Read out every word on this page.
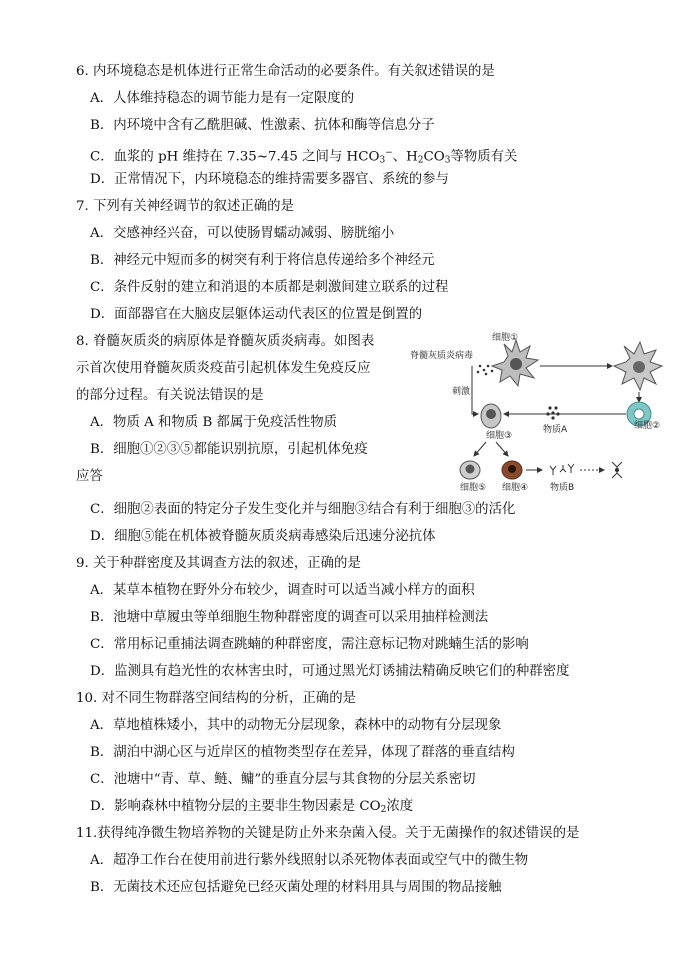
6. 内环境稳态是机体进行正常生命活动的必要条件。有关叙述错误的是
A．人体维持稳态的调节能力是有一定限度的
B．内环境中含有乙酰胆碱、性激素、抗体和酶等信息分子
C．血浆的 pH 维持在 7.35~7.45 之间与 $HCO_3^-$、$H_2CO_3$等物质有关
D．正常情况下，内环境稳态的维持需要多器官、系统的参与
7. 下列有关神经调节的叙述正确的是
A．交感神经兴奋，可以使肠胃蠕动减弱、膀胱缩小
B．神经元中短而多的树突有利于将信息传递给多个神经元
C．条件反射的建立和消退的本质都是刺激间建立联系的过程
D．面部器官在大脑皮层躯体运动代表区的位置是倒置的
8. 脊髓灰质炎的病原体是脊髓灰质炎病毒。如图表
示首次使用脊髓灰质炎疫苗引起机体发生免疫反应
的部分过程。有关说法错误的是
A．物质 A 和物质 B 都属于免疫活性物质
B．细胞①②③⑤都能识别抗原，引起机体免疫
应答
C．细胞②表面的特定分子发生变化并与细胞③结合有利于细胞③的活化
D．细胞⑤能在机体被脊髓灰质炎病毒感染后迅速分泌抗体
脊髓灰质炎病毒
细胞①
细胞②
物质A
刺激
细胞③
细胞⑤ 细胞④ 物质B
9. 关于种群密度及其调查方法的叙述，正确的是
A．某草本植物在野外分布较少，调查时可以适当减小样方的面积
B．池塘中草履虫等单细胞生物种群密度的调查可以采用抽样检测法
C．常用标记重捕法调查跳蝻的种群密度，需注意标记物对跳蝻生活的影响
D．监测具有趋光性的农林害虫时，可通过黑光灯诱捕法精确反映它们的种群密度
10. 对不同生物群落空间结构的分析，正确的是
A．草地植株矮小，其中的动物无分层现象，森林中的动物有分层现象
B．湖泊中湖心区与近岸区的植物类型存在差异，体现了群落的垂直结构
C．池塘中“青、草、鲢、鳙”的垂直分层与其食物的分层关系密切
D．影响森林中植物分层的主要非生物因素是 $CO_2$浓度
11.获得纯净微生物培养物的关键是防止外来杂菌入侵。关于无菌操作的叙述错误的是
A．超净工作台在使用前进行紫外线照射以杀死物体表面或空气中的微生物
B．无菌技术还应包括避免已经灭菌处理的材料用具与周围的物品接触
